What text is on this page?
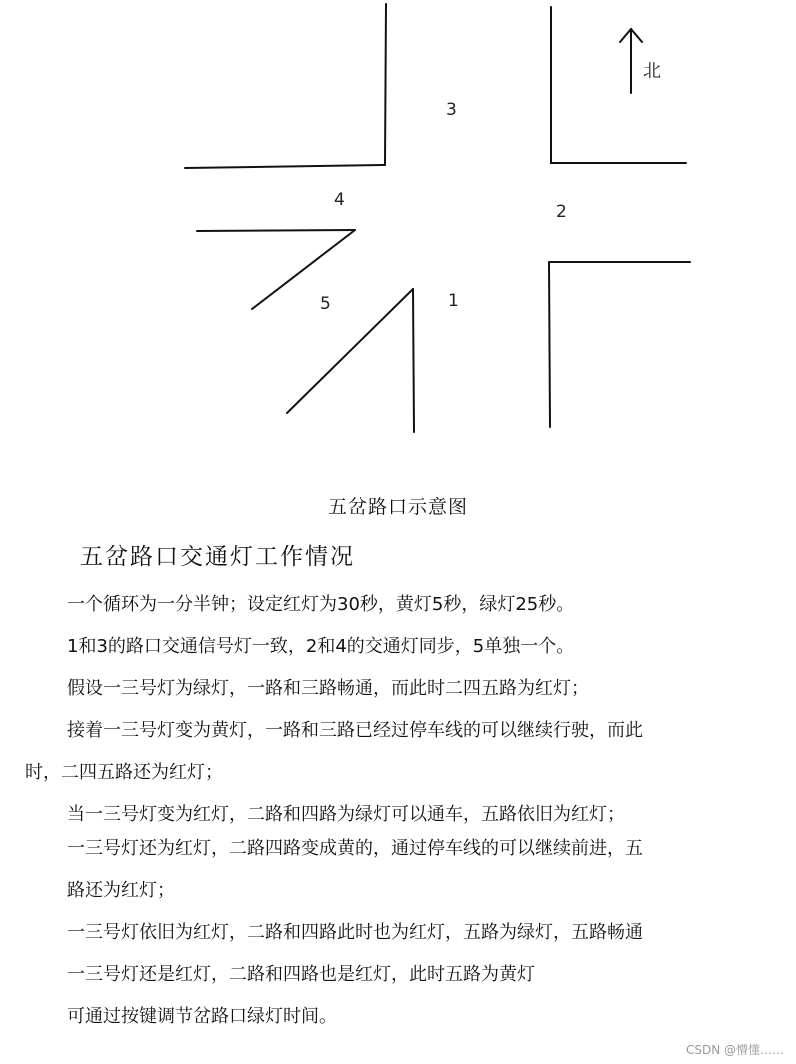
北
3
4
2
5	1
五岔路口示意图
五岔路口交通灯工作情况
一个循环为一分半钟；设定红灯为30秒，黄灯5秒，绿灯25秒。
1和3的路口交通信号灯一致，2和4的交通灯同步，5单独一个。
假设一三号灯为绿灯，一路和三路畅通，而此时二四五路为红灯；
接着一三号灯变为黄灯，一路和三路已经过停车线的可以继续行驶，而此
时，二四五路还为红灯；
当一三号灯变为红灯，二路和四路为绿灯可以通车，五路依旧为红灯；
一三号灯还为红灯，二路四路变成黄的，通过停车线的可以继续前进，五
路还为红灯；
一三号灯依旧为红灯，二路和四路此时也为红灯，五路为绿灯，五路畅通
一三号灯还是红灯，二路和四路也是红灯，此时五路为黄灯
可通过按键调节岔路口绿灯时间。
CSDN @懵懂……
